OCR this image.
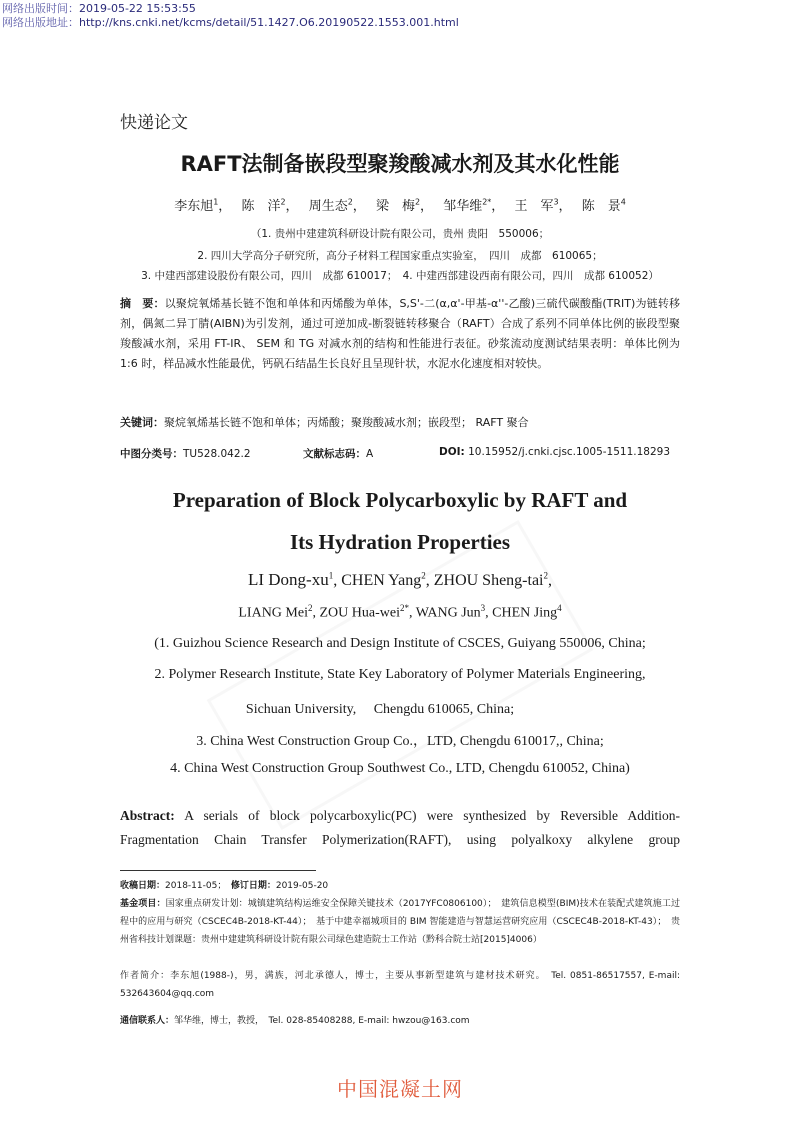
网络出版时间：2019-05-22 15:53:55
网络出版地址：http://kns.cnki.net/kcms/detail/51.1427.O6.20190522.1553.001.html
快递论文
RAFT法制备嵌段型聚羧酸减水剂及其水化性能
李东旭$^1$， 陈　洋$^2$， 周生态$^2$， 梁　梅$^2$， 邹华维$^{2*}$， 王　军$^3$， 陈　景$^4$
（1. 贵州中建建筑科研设计院有限公司，贵州 贵阳　550006；
2. 四川大学高分子研究所，高分子材料工程国家重点实验室，　四川　成都　610065；
3. 中建西部建设股份有限公司，四川　成都 610017；　4. 中建西部建设西南有限公司，四川　成都 610052）
摘　要：以聚烷氧烯基长链不饱和单体和丙烯酸为单体，S,S'-二(α,α'-甲基-α''-乙酸)三硫代碳酸酯(TRIT)为链转移剂，偶氮二异丁腈(AIBN)为引发剂，通过可逆加成-断裂链转移聚合（RAFT）合成了系列不同单体比例的嵌段型聚羧酸减水剂，采用 FT-IR、 SEM 和 TG 对减水剂的结构和性能进行表征。砂浆流动度测试结果表明：单体比例为 1:6 时，样品减水性能最优，钙矾石结晶生长良好且呈现针状，水泥水化速度相对较快。
关键词：聚烷氧烯基长链不饱和单体；丙烯酸；聚羧酸减水剂；嵌段型； RAFT 聚合
中图分类号：TU528.042.2	文献标志码：A	DOI: 10.15952/j.cnki.cjsc.1005-1511.18293
Preparation of Block Polycarboxylic by RAFT and
Its Hydration Properties
LI Dong-$xu^1$, CHEN Yang$^2$, ZHOU Sheng-tai$^2$,
LIANG Mei$^2$, ZOU Hua-wei$^{2*}$, WANG Jun$^3$, CHEN Jing$^4$
(1. Guizhou Science Research and Design Institute of CSCES, Guiyang 550006, China;
2. Polymer Research Institute, State Key Laboratory of Polymer Materials Engineering,
Sichuan University,　 Chengdu 610065, China;
3. China West Construction Group Co.，LTD, Chengdu 610017,, China;
4. China West Construction Group Southwest Co., LTD, Chengdu 610052, China)
Abstract: A serials of block polycarboxylic(PC) were synthesized by Reversible Addition-Fragmentation Chain Transfer Polymerization(RAFT), using polyalkoxy alkylene group
收稿日期：2018-11-05；　 修订日期：2019-05-20
基金项目：国家重点研发计划：城镇建筑结构运维安全保障关键技术（2017YFC0806100）；　建筑信息模型(BIM)技术在装配式建筑施工过程中的应用与研究（CSCEC4B-2018-KT-44）；　基于中建幸福城项目的 BIM 智能建造与智慧运营研究应用（CSCEC4B-2018-KT-43）；　贵州省科技计划课题：贵州中建建筑科研设计院有限公司绿色建造院士工作站（黔科合院士站[2015]4006）
作者简介：李东旭(1988-)，男，满族，河北承德人，博士，主要从事新型建筑与建材技术研究。　Tel. 0851-86517557, E-mail: 532643604@qq.com
通信联系人：邹华维，博士，教授，　Tel. 028-85408288, E-mail: hwzou@163.com
中国混凝土网
